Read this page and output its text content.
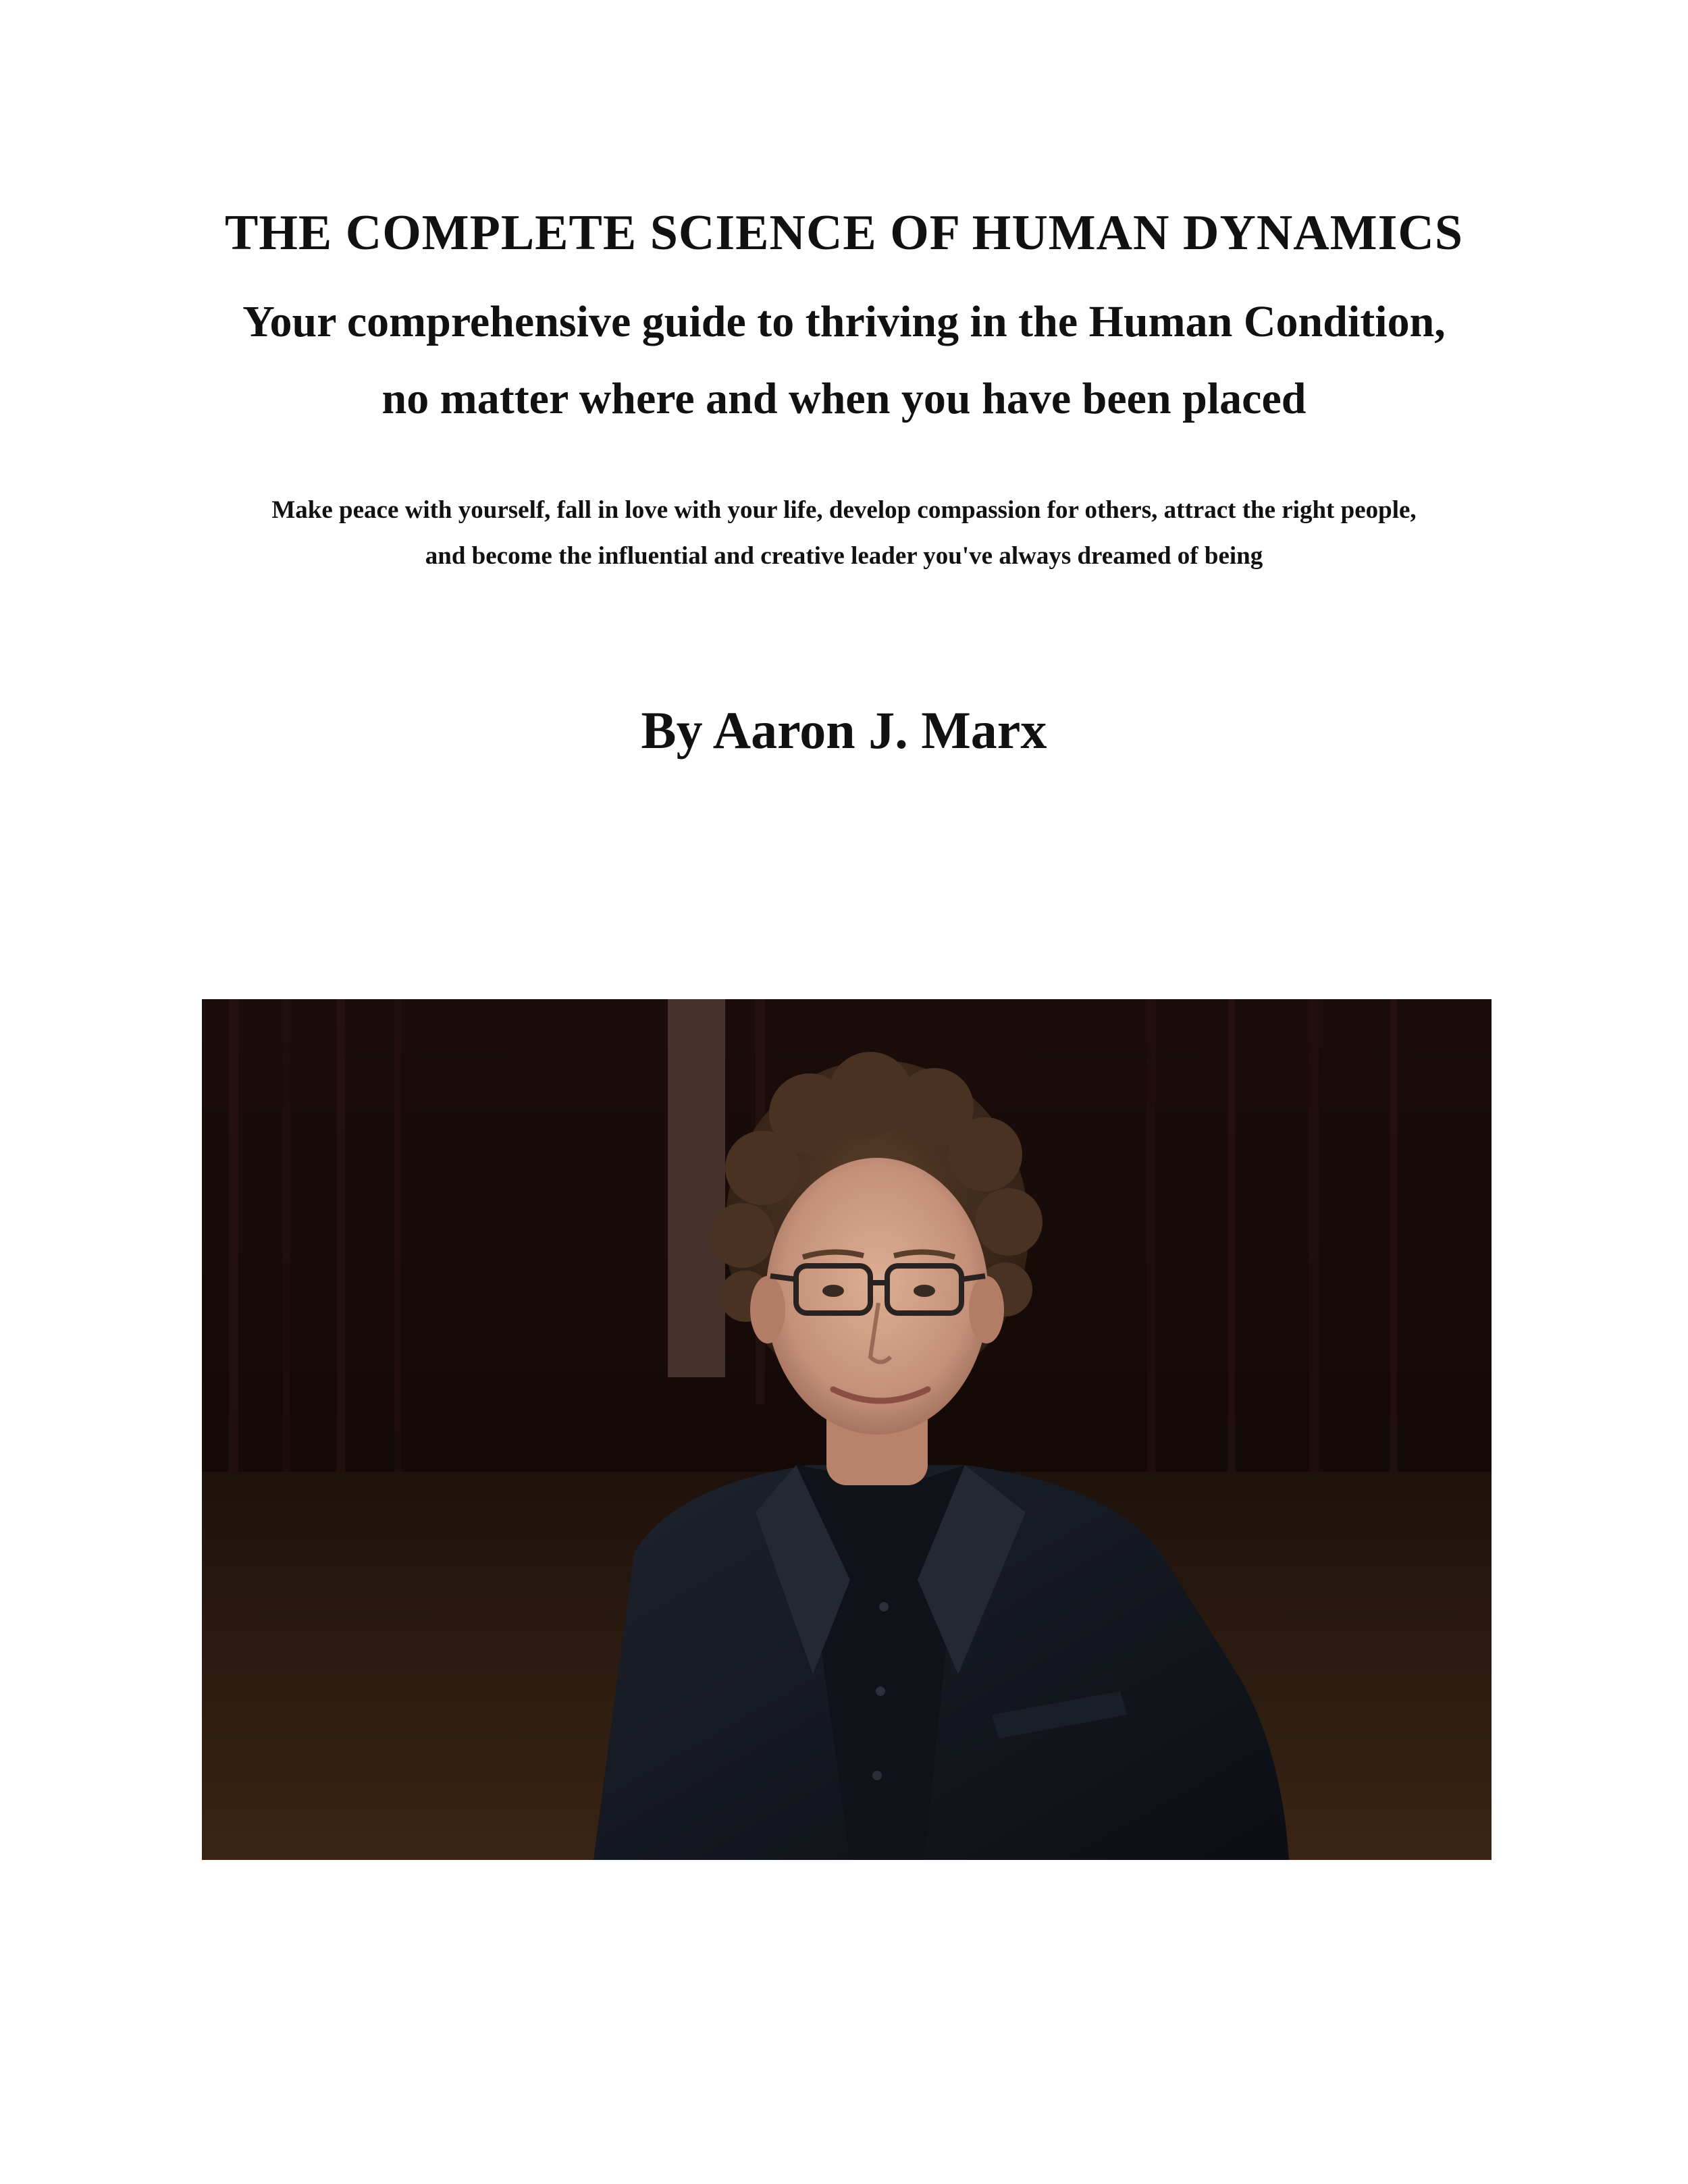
THE COMPLETE SCIENCE OF HUMAN DYNAMICS
Your comprehensive guide to thriving in the Human Condition,
no matter where and when you have been placed
Make peace with yourself, fall in love with your life, develop compassion for others, attract the right people,
and become the influential and creative leader you've always dreamed of being
By Aaron J. Marx
